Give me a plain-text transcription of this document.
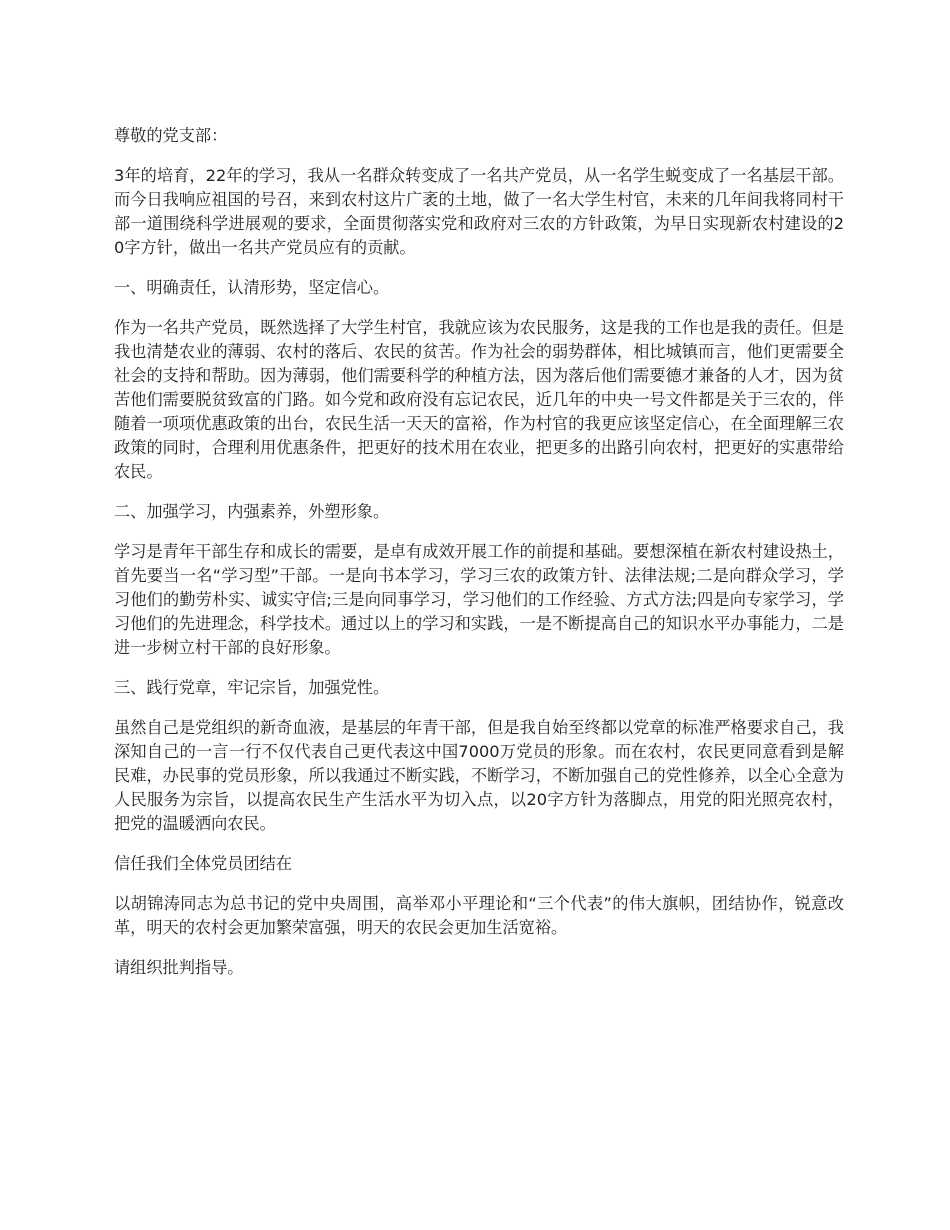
尊敬的党支部：

3年的培育，22年的学习，我从一名群众转变成了一名共产党员，从一名学生蜕变成了一名基层干部。而今日我响应祖国的号召，来到农村这片广袤的土地，做了一名大学生村官，未来的几年间我将同村干部一道围绕科学进展观的要求，全面贯彻落实党和政府对三农的方针政策，为早日实现新农村建设的20字方针，做出一名共产党员应有的贡献。

一、明确责任，认清形势，坚定信心。

作为一名共产党员，既然选择了大学生村官，我就应该为农民服务，这是我的工作也是我的责任。但是我也清楚农业的薄弱、农村的落后、农民的贫苦。作为社会的弱势群体，相比城镇而言，他们更需要全社会的支持和帮助。因为薄弱，他们需要科学的种植方法，因为落后他们需要德才兼备的人才，因为贫苦他们需要脱贫致富的门路。如今党和政府没有忘记农民，近几年的中央一号文件都是关于三农的，伴随着一项项优惠政策的出台，农民生活一天天的富裕，作为村官的我更应该坚定信心，在全面理解三农政策的同时，合理利用优惠条件，把更好的技术用在农业，把更多的出路引向农村，把更好的实惠带给农民。

二、加强学习，内强素养，外塑形象。

学习是青年干部生存和成长的需要，是卓有成效开展工作的前提和基础。要想深植在新农村建设热土，首先要当一名“学习型”干部。一是向书本学习，学习三农的政策方针、法律法规;二是向群众学习，学习他们的勤劳朴实、诚实守信;三是向同事学习，学习他们的工作经验、方式方法;四是向专家学习，学习他们的先进理念，科学技术。通过以上的学习和实践，一是不断提高自己的知识水平办事能力，二是进一步树立村干部的良好形象。

三、践行党章，牢记宗旨，加强党性。

虽然自己是党组织的新奇血液，是基层的年青干部，但是我自始至终都以党章的标准严格要求自己，我深知自己的一言一行不仅代表自己更代表这中国7000万党员的形象。而在农村，农民更同意看到是解民难，办民事的党员形象，所以我通过不断实践，不断学习，不断加强自己的党性修养，以全心全意为人民服务为宗旨，以提高农民生产生活水平为切入点，以20字方针为落脚点，用党的阳光照亮农村，把党的温暖洒向农民。

信任我们全体党员团结在

以胡锦涛同志为总书记的党中央周围，高举邓小平理论和“三个代表”的伟大旗帜，团结协作，锐意改革，明天的农村会更加繁荣富强，明天的农民会更加生活宽裕。

请组织批判指导。
